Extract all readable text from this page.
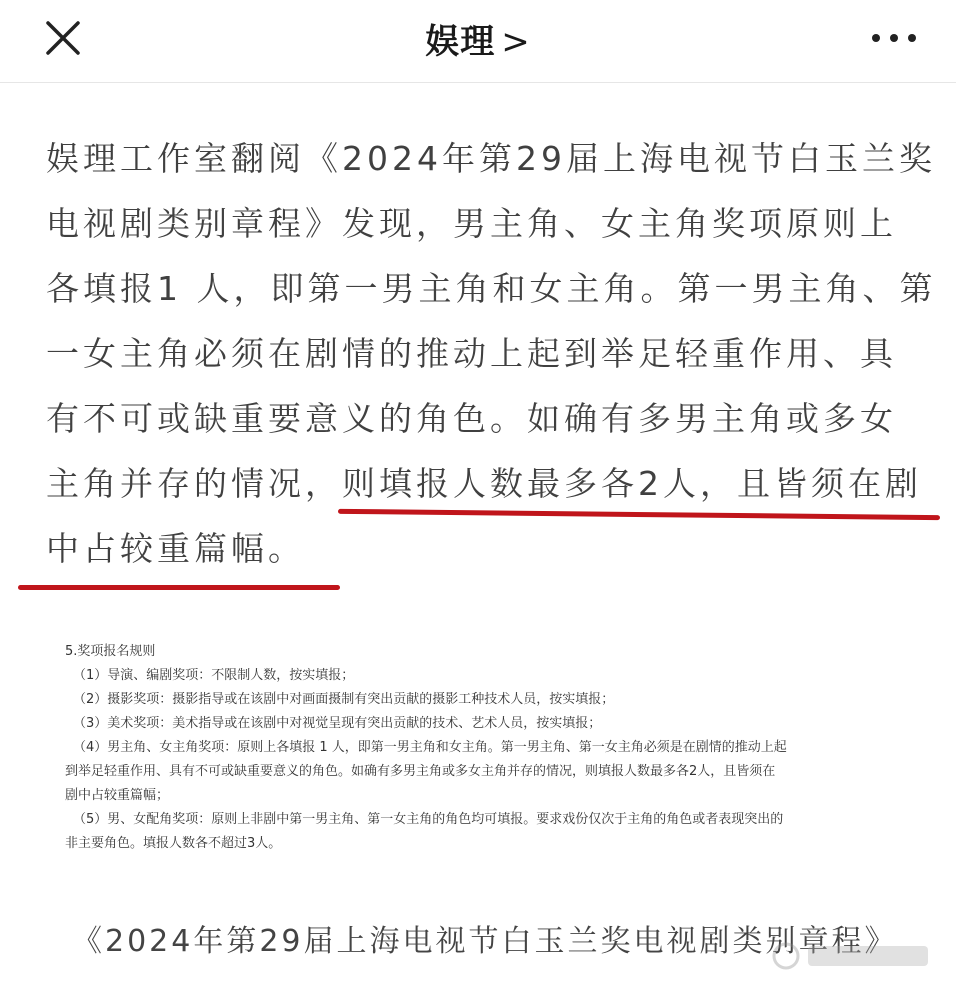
娱理 >
娱理工作室翻阅《2024年第29届上海电视节白玉兰奖
电视剧类别章程》发现，男主角、女主角奖项原则上
各填报1 人，即第一男主角和女主角。第一男主角、第
一女主角必须在剧情的推动上起到举足轻重作用、具
有不可或缺重要意义的角色。如确有多男主角或多女
主角并存的情况，则填报人数最多各2人，且皆须在剧
中占较重篇幅。
5.奖项报名规则
（1）导演、编剧奖项：不限制人数，按实填报；
（2）摄影奖项：摄影指导或在该剧中对画面摄制有突出贡献的摄影工种技术人员，按实填报；
（3）美术奖项：美术指导或在该剧中对视觉呈现有突出贡献的技术、艺术人员，按实填报；
（4）男主角、女主角奖项：原则上各填报 1 人，即第一男主角和女主角。第一男主角、第一女主角必须是在剧情的推动上起
到举足轻重作用、具有不可或缺重要意义的角色。如确有多男主角或多女主角并存的情况，则填报人数最多各2人，且皆须在
剧中占较重篇幅；
（5）男、女配角奖项：原则上非剧中第一男主角、第一女主角的角色均可填报。要求戏份仅次于主角的角色或者表现突出的
非主要角色。填报人数各不超过3人。
《2024年第29届上海电视节白玉兰奖电视剧类别章程》
